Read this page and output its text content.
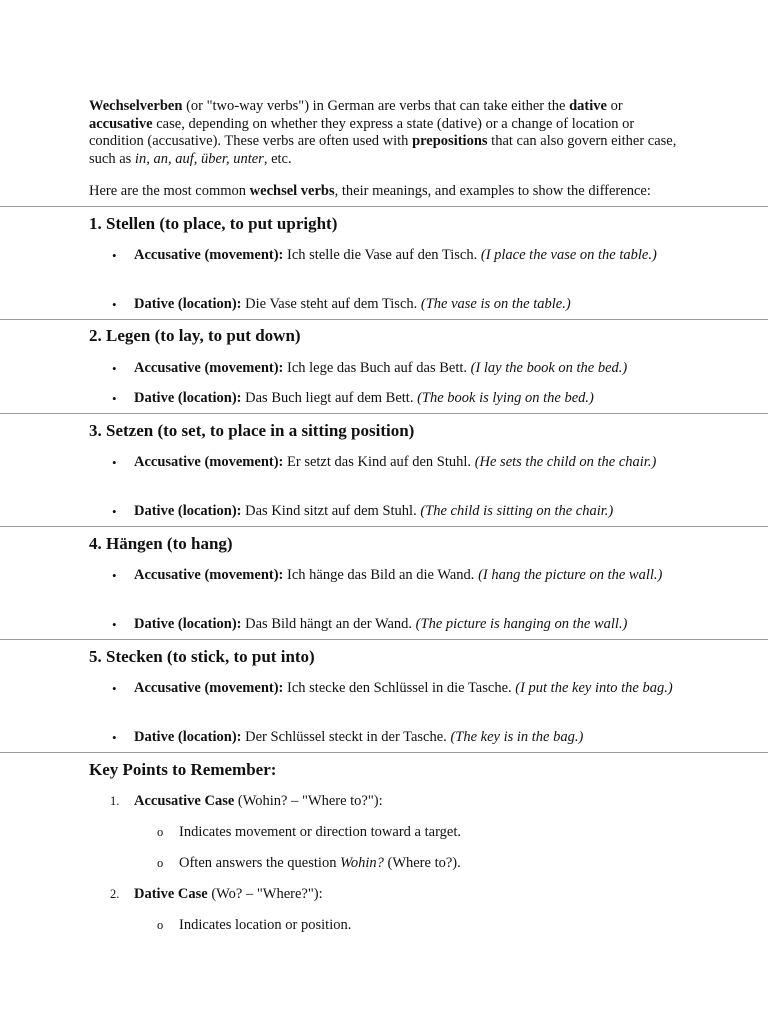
Wechselverben (or "two-way verbs") in German are verbs that can take either the dative or
accusative case, depending on whether they express a state (dative) or a change of location or condition (accusative). These verbs are often used with prepositions that can also govern either case, such as in, an, auf, über, unter, etc.

Here are the most common wechsel verbs, their meanings, and examples to show the difference:

1. Stellen (to place, to put upright)
• Accusative (movement): Ich stelle die Vase auf den Tisch. (I place the vase on the table.)

• Dative (location): Die Vase steht auf dem Tisch. (The vase is on the table.)

2. Legen (to lay, to put down)
• Accusative (movement): Ich lege das Buch auf das Bett. (I lay the book on the bed.)

• Dative (location): Das Buch liegt auf dem Bett. (The book is lying on the bed.)

3. Setzen (to set, to place in a sitting position)
• Accusative (movement): Er setzt das Kind auf den Stuhl. (He sets the child on the chair.)

• Dative (location): Das Kind sitzt auf dem Stuhl. (The child is sitting on the chair.)

4. Hängen (to hang)
• Accusative (movement): Ich hänge das Bild an die Wand. (I hang the picture on the wall.)

• Dative (location): Das Bild hängt an der Wand. (The picture is hanging on the wall.)

5. Stecken (to stick, to put into)
• Accusative (movement): Ich stecke den Schlüssel in die Tasche. (I put the key into the bag.)

• Dative (location): Der Schlüssel steckt in der Tasche. (The key is in the bag.)

Key Points to Remember:
1. Accusative Case (Wohin? – "Where to?"):

o Indicates movement or direction toward a target.

o Often answers the question Wohin? (Where to?).

2. Dative Case (Wo? – "Where?"):

o Indicates location or position.
